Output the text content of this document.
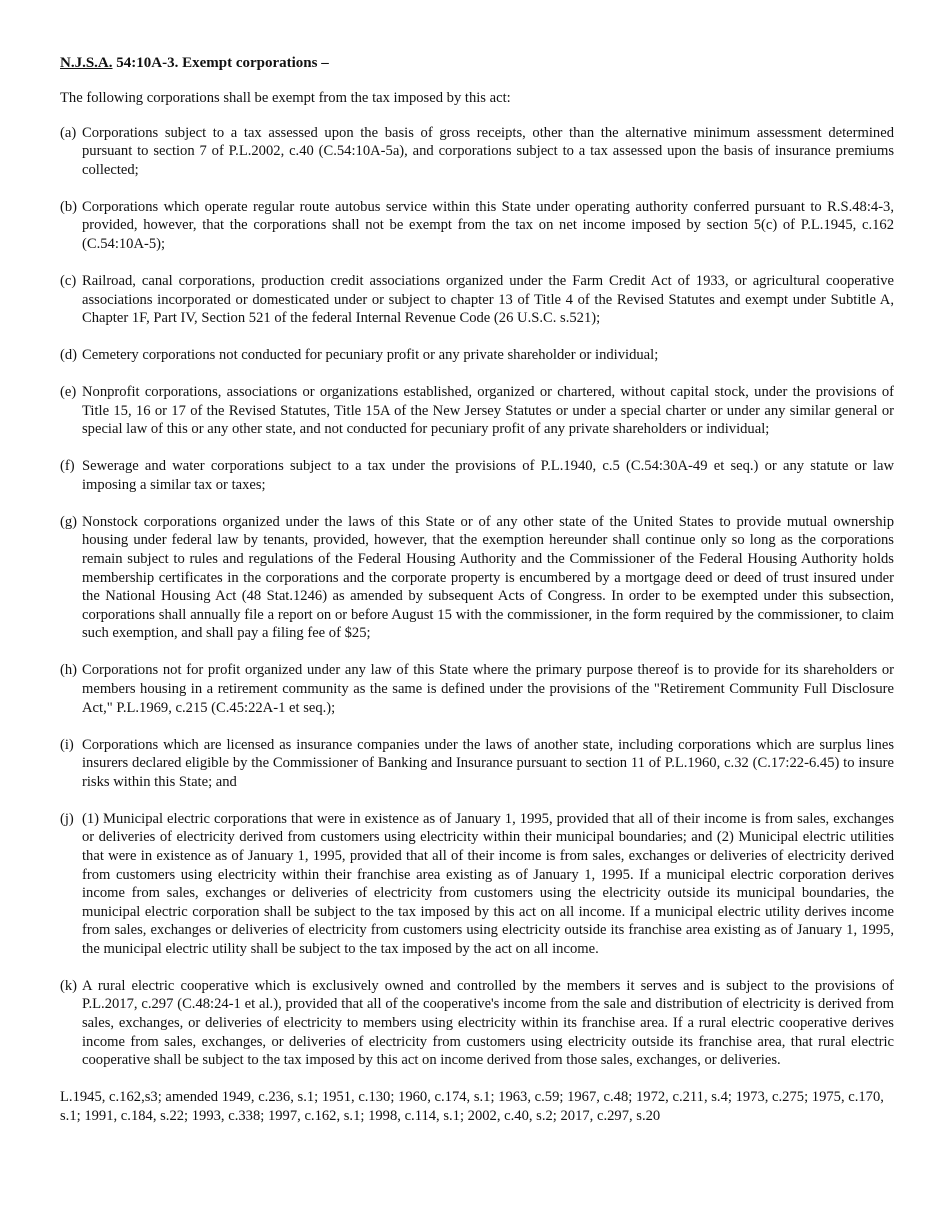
N.J.S.A. 54:10A-3. Exempt corporations –

The following corporations shall be exempt from the tax imposed by this act:

(a) Corporations subject to a tax assessed upon the basis of gross receipts, other than the alternative minimum assessment determined pursuant to section 7 of P.L.2002, c.40 (C.54:10A-5a), and corporations subject to a tax assessed upon the basis of insurance premiums collected;
(b) Corporations which operate regular route autobus service within this State under operating authority conferred pursuant to R.S.48:4-3, provided, however, that the corporations shall not be exempt from the tax on net income imposed by section 5(c) of P.L.1945, c.162 (C.54:10A-5);
(c) Railroad, canal corporations, production credit associations organized under the Farm Credit Act of 1933, or agricultural cooperative associations incorporated or domesticated under or subject to chapter 13 of Title 4 of the Revised Statutes and exempt under Subtitle A, Chapter 1F, Part IV, Section 521 of the federal Internal Revenue Code (26 U.S.C. s.521);
(d) Cemetery corporations not conducted for pecuniary profit or any private shareholder or individual;
(e) Nonprofit corporations, associations or organizations established, organized or chartered, without capital stock, under the provisions of Title 15, 16 or 17 of the Revised Statutes, Title 15A of the New Jersey Statutes or under a special charter or under any similar general or special law of this or any other state, and not conducted for pecuniary profit of any private shareholders or individual;
(f) Sewerage and water corporations subject to a tax under the provisions of P.L.1940, c.5 (C.54:30A-49 et seq.) or any statute or law imposing a similar tax or taxes;
(g) Nonstock corporations organized under the laws of this State or of any other state of the United States to provide mutual ownership housing under federal law by tenants, provided, however, that the exemption hereunder shall continue only so long as the corporations remain subject to rules and regulations of the Federal Housing Authority and the Commissioner of the Federal Housing Authority holds membership certificates in the corporations and the corporate property is encumbered by a mortgage deed or deed of trust insured under the National Housing Act (48 Stat.1246) as amended by subsequent Acts of Congress. In order to be exempted under this subsection, corporations shall annually file a report on or before August 15 with the commissioner, in the form required by the commissioner, to claim such exemption, and shall pay a filing fee of $25;
(h) Corporations not for profit organized under any law of this State where the primary purpose thereof is to provide for its shareholders or members housing in a retirement community as the same is defined under the provisions of the "Retirement Community Full Disclosure Act," P.L.1969, c.215 (C.45:22A-1 et seq.);
(i) Corporations which are licensed as insurance companies under the laws of another state, including corporations which are surplus lines insurers declared eligible by the Commissioner of Banking and Insurance pursuant to section 11 of P.L.1960, c.32 (C.17:22-6.45) to insure risks within this State; and
(j) (1) Municipal electric corporations that were in existence as of January 1, 1995, provided that all of their income is from sales, exchanges or deliveries of electricity derived from customers using electricity within their municipal boundaries; and (2) Municipal electric utilities that were in existence as of January 1, 1995, provided that all of their income is from sales, exchanges or deliveries of electricity derived from customers using electricity within their franchise area existing as of January 1, 1995. If a municipal electric corporation derives income from sales, exchanges or deliveries of electricity from customers using the electricity outside its municipal boundaries, the municipal electric corporation shall be subject to the tax imposed by this act on all income. If a municipal electric utility derives income from sales, exchanges or deliveries of electricity from customers using electricity outside its franchise area existing as of January 1, 1995, the municipal electric utility shall be subject to the tax imposed by the act on all income.
(k) A rural electric cooperative which is exclusively owned and controlled by the members it serves and is subject to the provisions of P.L.2017, c.297 (C.48:24-1 et al.), provided that all of the cooperative's income from the sale and distribution of electricity is derived from sales, exchanges, or deliveries of electricity to members using electricity within its franchise area. If a rural electric cooperative derives income from sales, exchanges, or deliveries of electricity from customers using electricity outside its franchise area, that rural electric cooperative shall be subject to the tax imposed by this act on income derived from those sales, exchanges, or deliveries.

L.1945, c.162,s3; amended 1949, c.236, s.1; 1951, c.130; 1960, c.174, s.1; 1963, c.59; 1967, c.48; 1972, c.211, s.4; 1973, c.275; 1975, c.170, s.1; 1991, c.184, s.22; 1993, c.338; 1997, c.162, s.1; 1998, c.114, s.1; 2002, c.40, s.2; 2017, c.297, s.20
